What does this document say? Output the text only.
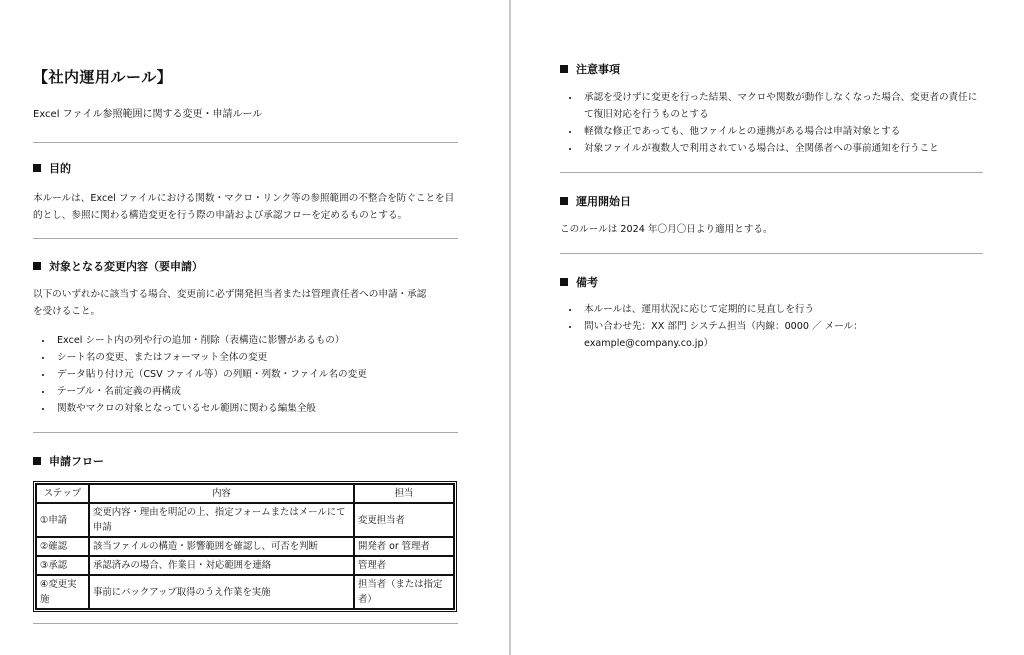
【社内運用ルール】
Excel ファイル参照範囲に関する変更・申請ルール
目的
本ルールは、Excel ファイルにおける関数・マクロ・リンク等の参照範囲の不整合を防ぐことを目
的とし、参照に関わる構造変更を行う際の申請および承認フローを定めるものとする。
対象となる変更内容（要申請）
以下のいずれかに該当する場合、変更前に必ず開発担当者または管理責任者への申請・承認
を受けること。
• Excel シート内の列や行の追加・削除（表構造に影響があるもの）
• シート名の変更、またはフォーマット全体の変更
• データ貼り付け元（CSV ファイル等）の列順・列数・ファイル名の変更
• テーブル・名前定義の再構成
• 関数やマクロの対象となっているセル範囲に関わる編集全般
申請フロー
ステップ	内容	担当
①申請	変更内容・理由を明記の上、指定フォームまたはメールにて申請	変更担当者
②確認	該当ファイルの構造・影響範囲を確認し、可否を判断	開発者 or 管理者
③承認	承認済みの場合、作業日・対応範囲を連絡	管理者
④変更実施	事前にバックアップ取得のうえ作業を実施	担当者（または指定者）
注意事項
• 承認を受けずに変更を行った結果、マクロや関数が動作しなくなった場合、変更者の責任にて復旧対応を行うものとする
• 軽微な修正であっても、他ファイルとの連携がある場合は申請対象とする
• 対象ファイルが複数人で利用されている場合は、全関係者への事前通知を行うこと
運用開始日
このルールは 2024 年〇月〇日より適用とする。
備考
• 本ルールは、運用状況に応じて定期的に見直しを行う
• 問い合わせ先：XX 部門 システム担当（内線：0000 ／ メール：example@company.co.jp）
